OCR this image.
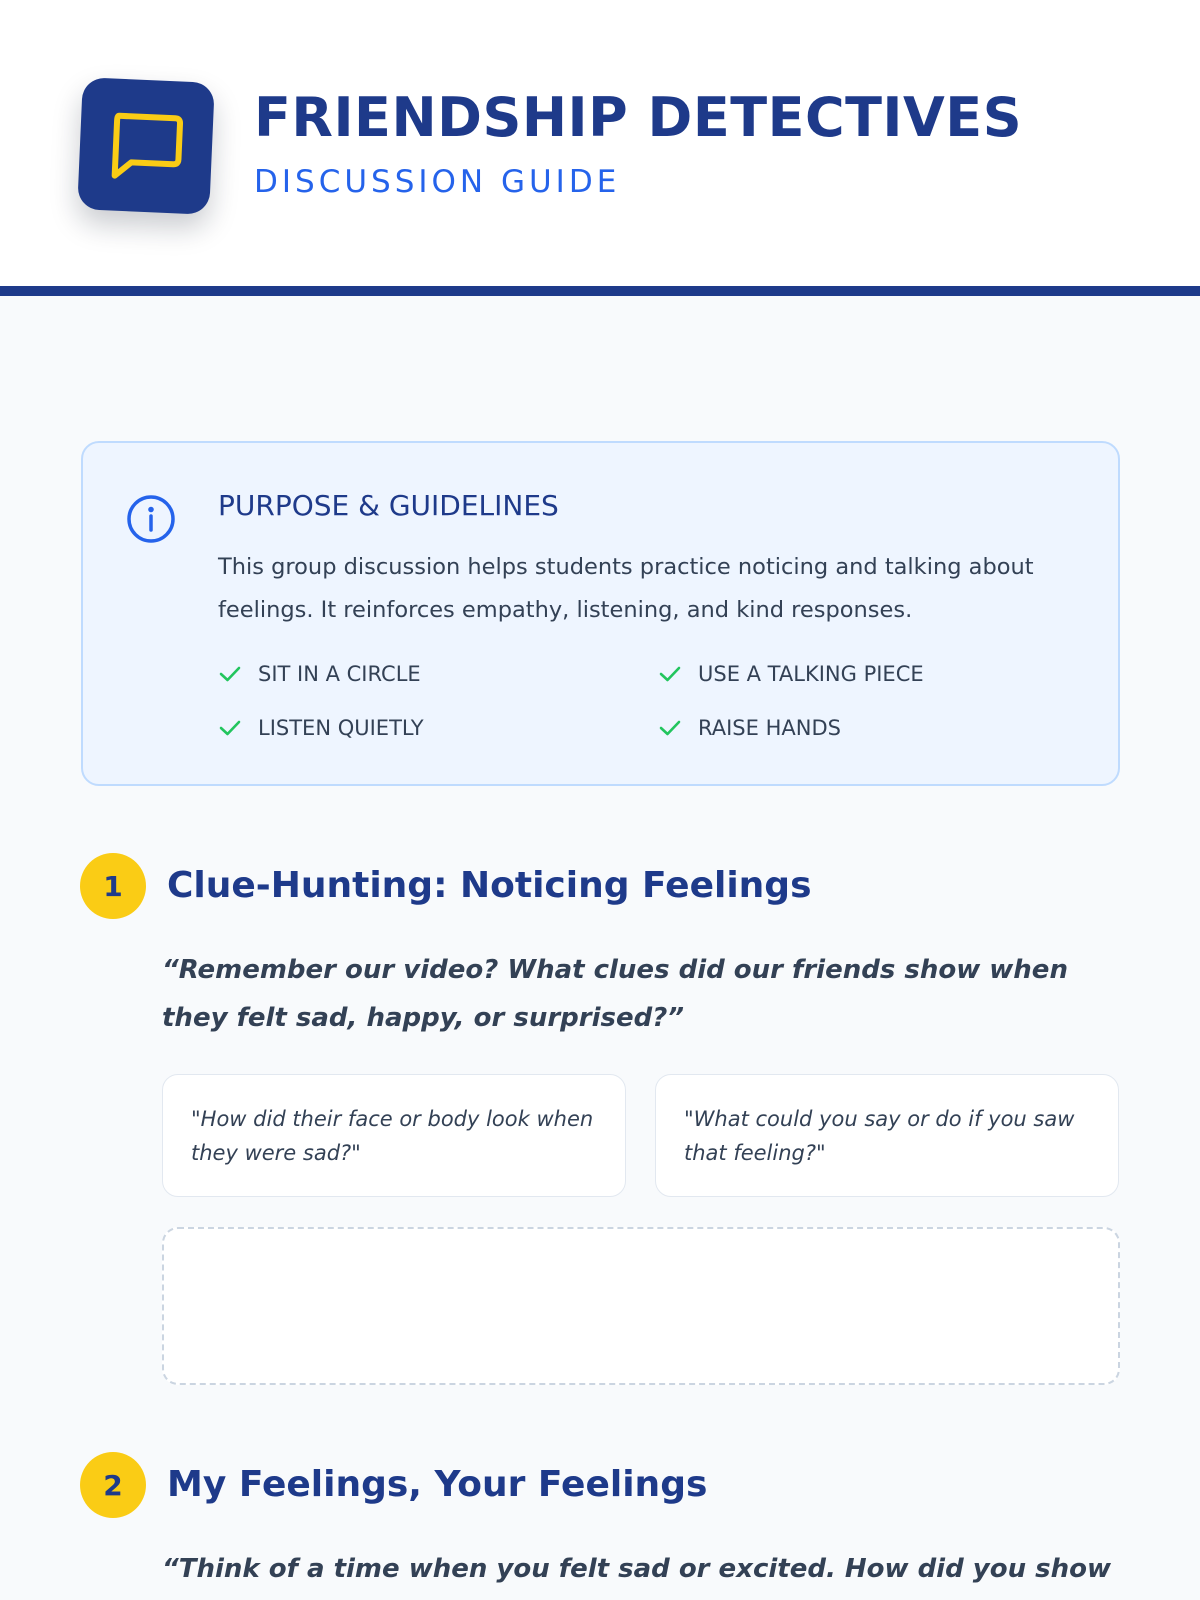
FRIENDSHIP DETECTIVES
DISCUSSION GUIDE
PURPOSE & GUIDELINES

This group discussion helps students practice noticing and talking about feelings. It reinforces empathy, listening, and kind responses.

SIT IN A CIRCLE	USE A TALKING PIECE
LISTEN QUIETLY	RAISE HANDS
1	Clue-Hunting: Noticing Feelings

“Remember our video? What clues did our friends show when they felt sad, happy, or surprised?”

"How did their face or body look when they were sad?"
"What could you say or do if you saw that feeling?"
2	My Feelings, Your Feelings

“Think of a time when you felt sad or excited. How did you show
